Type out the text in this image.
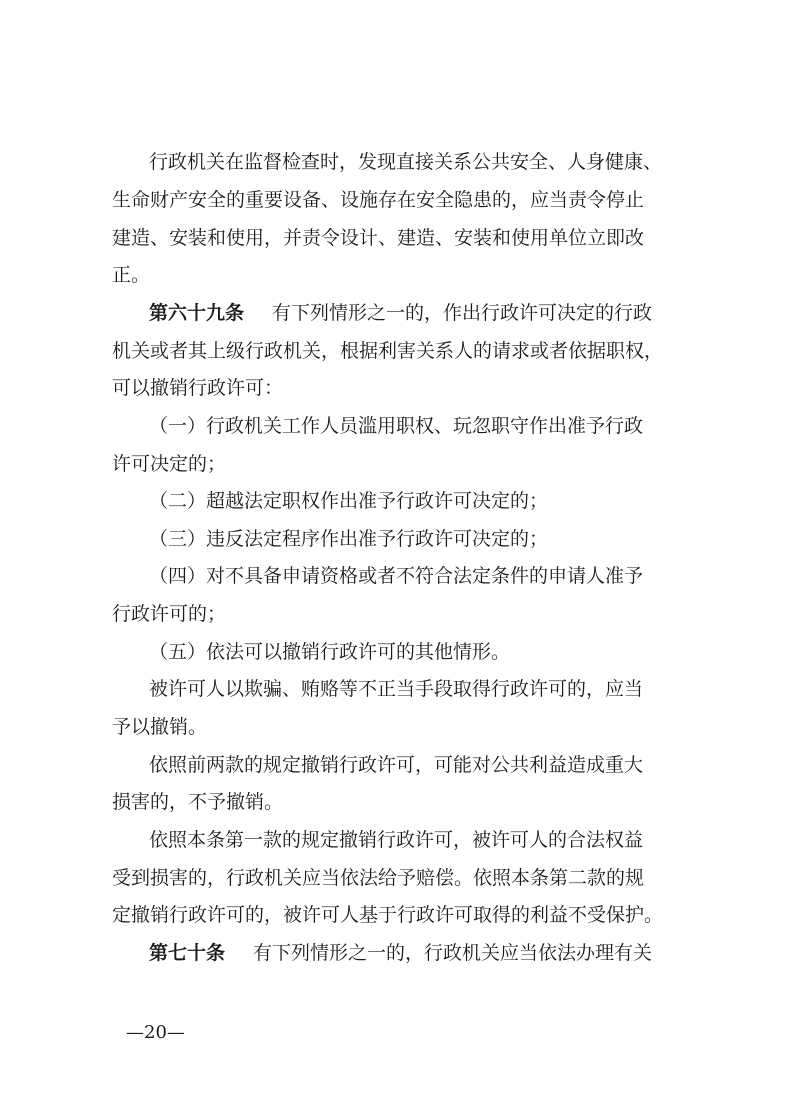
行政机关在监督检查时，发现直接关系公共安全、人身健康、
生命财产安全的重要设备、设施存在安全隐患的，应当责令停止
建造、安装和使用，并责令设计、建造、安装和使用单位立即改
正。
第六十九条 有下列情形之一的，作出行政许可决定的行政
机关或者其上级行政机关，根据利害关系人的请求或者依据职权，
可以撤销行政许可：
（一）行政机关工作人员滥用职权、玩忽职守作出准予行政
许可决定的；
（二）超越法定职权作出准予行政许可决定的；
（三）违反法定程序作出准予行政许可决定的；
（四）对不具备申请资格或者不符合法定条件的申请人准予
行政许可的；
（五）依法可以撤销行政许可的其他情形。
被许可人以欺骗、贿赂等不正当手段取得行政许可的，应当
予以撤销。
依照前两款的规定撤销行政许可，可能对公共利益造成重大
损害的，不予撤销。
依照本条第一款的规定撤销行政许可，被许可人的合法权益
受到损害的，行政机关应当依法给予赔偿。依照本条第二款的规
定撤销行政许可的，被许可人基于行政许可取得的利益不受保护。
第七十条 有下列情形之一的，行政机关应当依法办理有关
—20—
